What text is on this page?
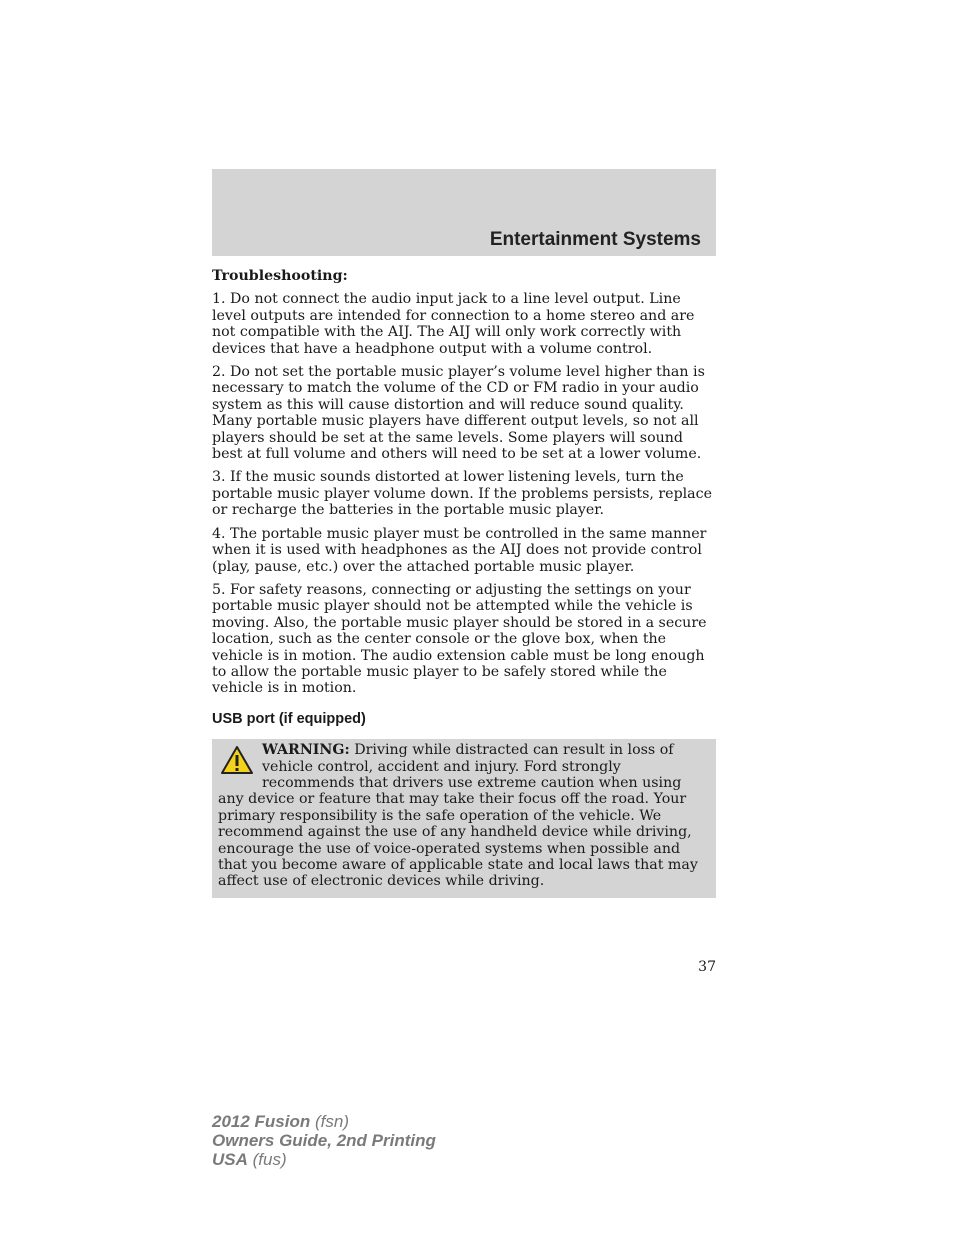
Entertainment Systems

Troubleshooting:

1. Do not connect the audio input jack to a line level output. Line level outputs are intended for connection to a home stereo and are not compatible with the AIJ. The AIJ will only work correctly with devices that have a headphone output with a volume control.

2. Do not set the portable music player’s volume level higher than is necessary to match the volume of the CD or FM radio in your audio system as this will cause distortion and will reduce sound quality. Many portable music players have different output levels, so not all players should be set at the same levels. Some players will sound best at full volume and others will need to be set at a lower volume.

3. If the music sounds distorted at lower listening levels, turn the portable music player volume down. If the problems persists, replace or recharge the batteries in the portable music player.

4. The portable music player must be controlled in the same manner when it is used with headphones as the AIJ does not provide control (play, pause, etc.) over the attached portable music player.

5. For safety reasons, connecting or adjusting the settings on your portable music player should not be attempted while the vehicle is moving. Also, the portable music player should be stored in a secure location, such as the center console or the glove box, when the vehicle is in motion. The audio extension cable must be long enough to allow the portable music player to be safely stored while the vehicle is in motion.

USB port (if equipped)

WARNING: Driving while distracted can result in loss of vehicle control, accident and injury. Ford strongly recommends that drivers use extreme caution when using any device or feature that may take their focus off the road. Your primary responsibility is the safe operation of the vehicle. We recommend against the use of any handheld device while driving, encourage the use of voice-operated systems when possible and that you become aware of applicable state and local laws that may affect use of electronic devices while driving.

37
2012 Fusion (fsn)
Owners Guide, 2nd Printing
USA (fus)
